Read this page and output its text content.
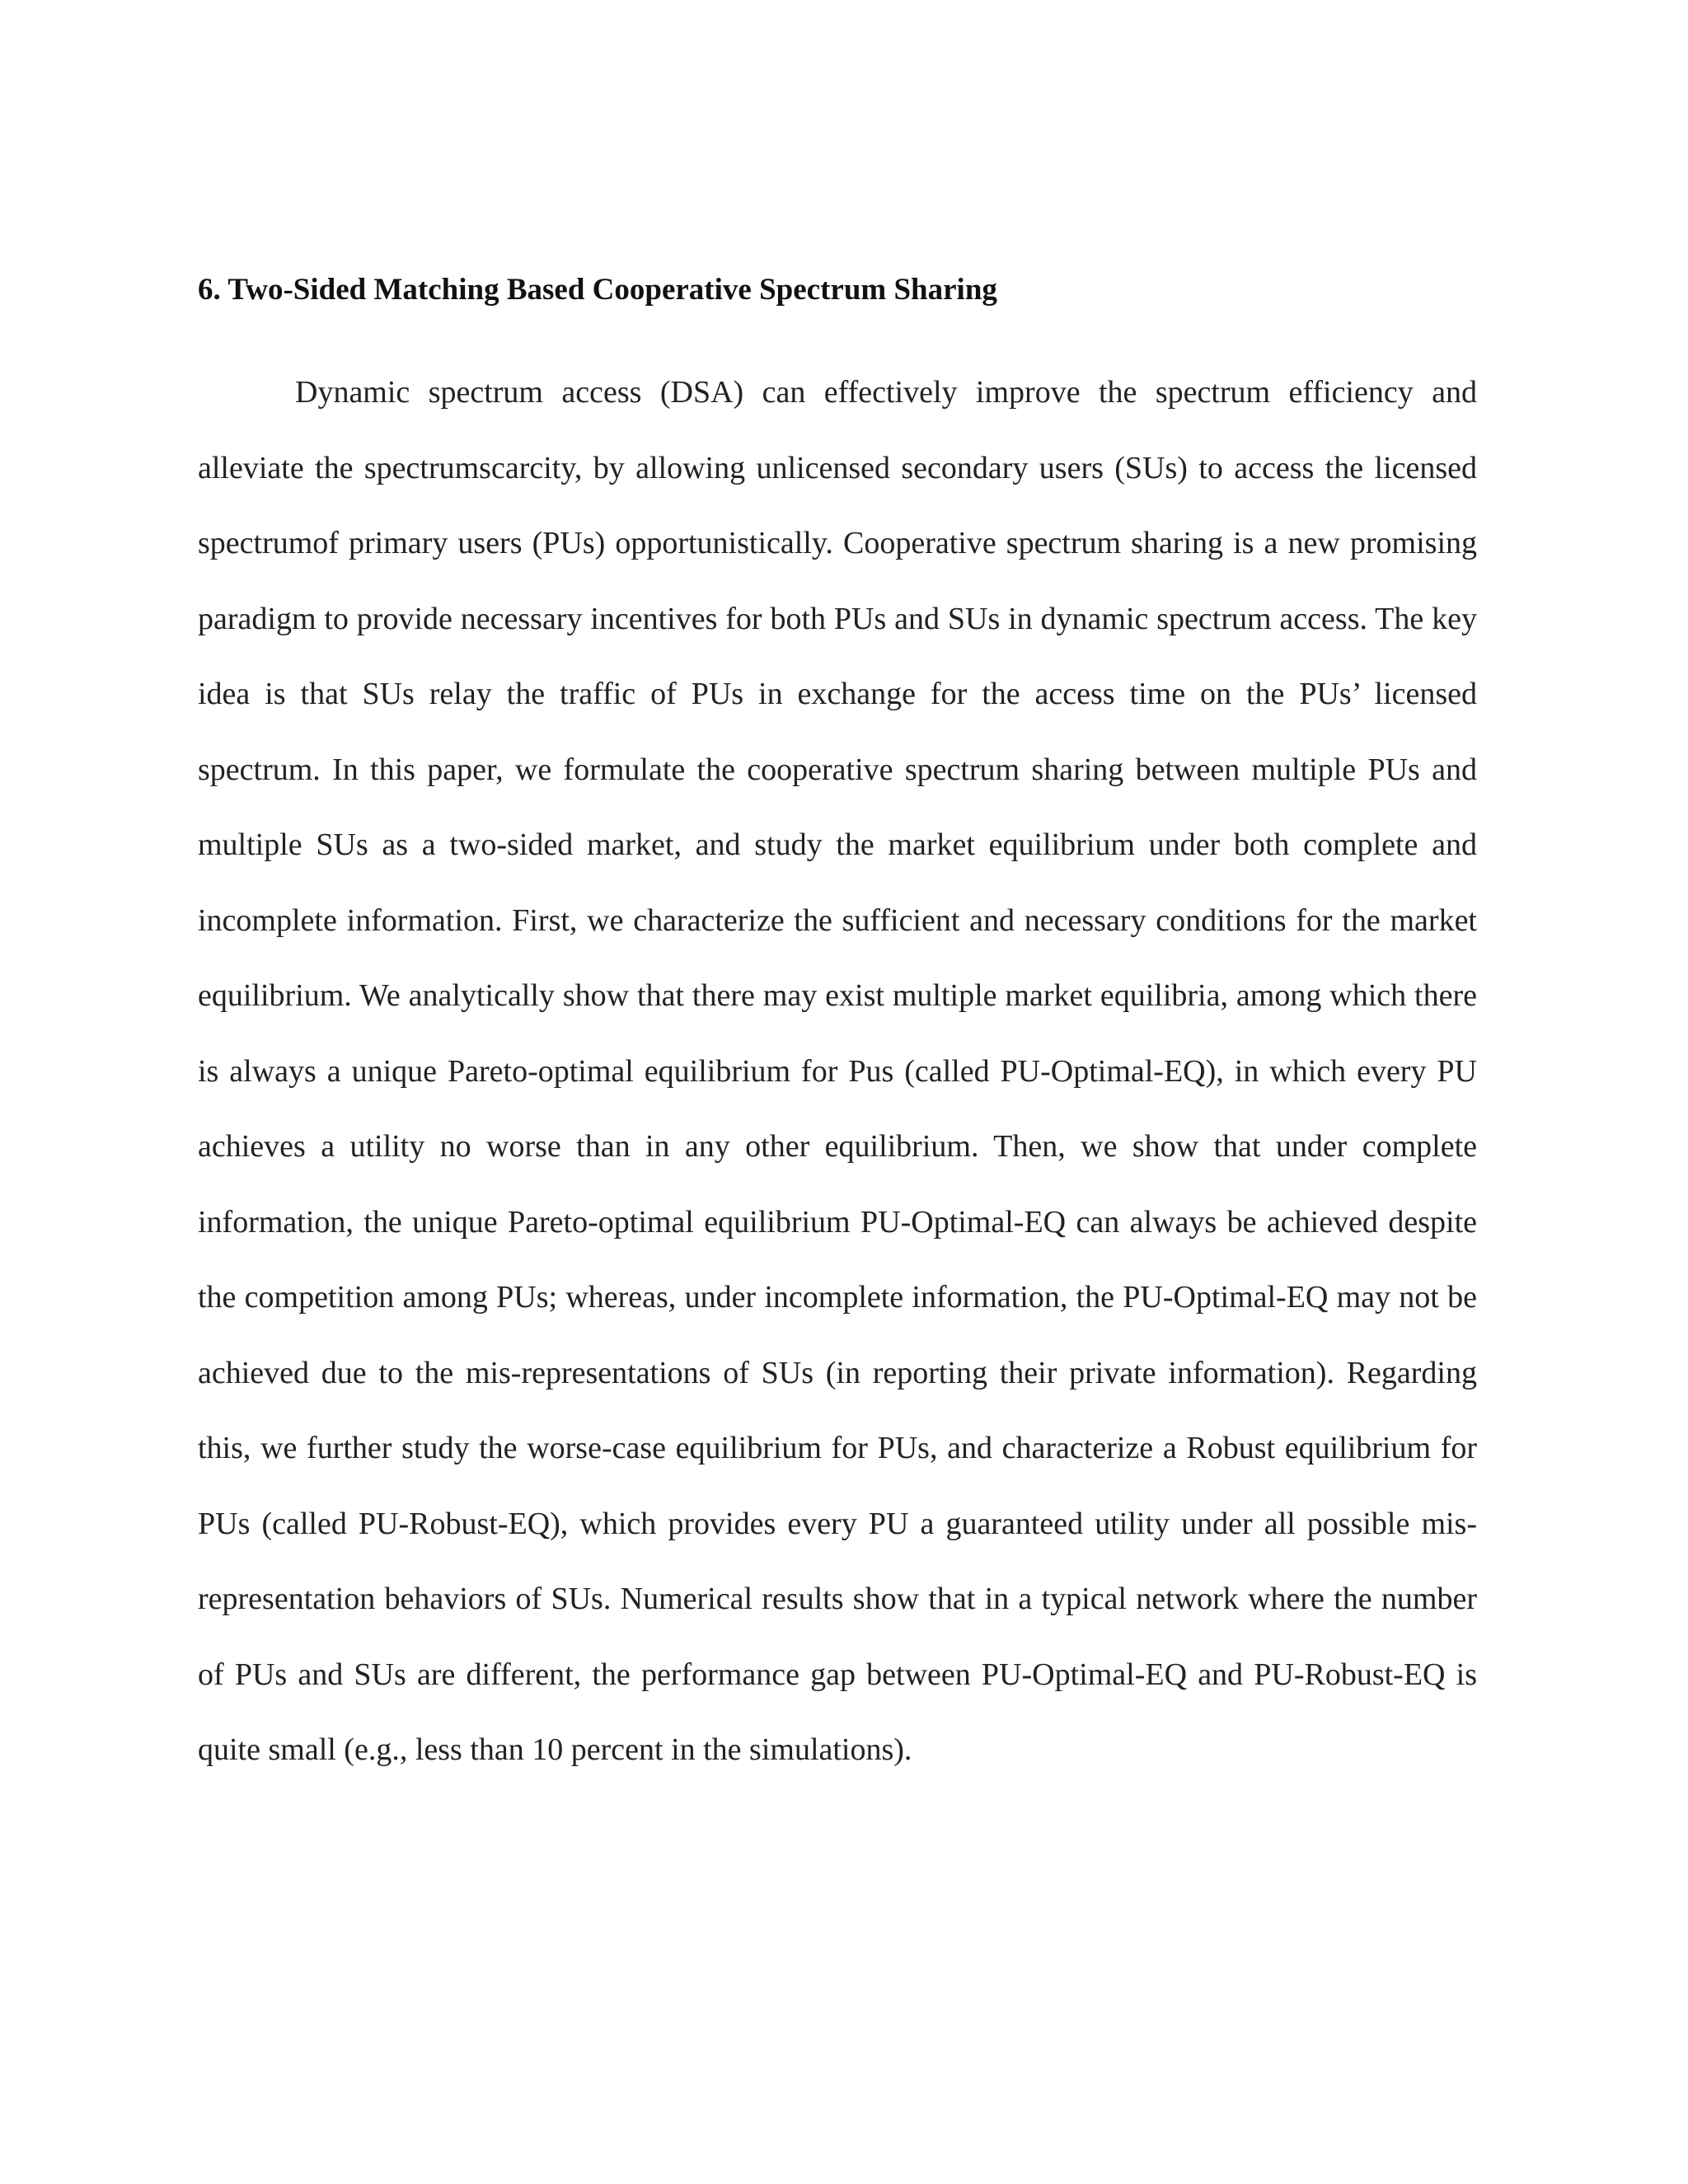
6. Two-Sided Matching Based Cooperative Spectrum Sharing

Dynamic spectrum access (DSA) can effectively improve the spectrum efficiency and alleviate the spectrumscarcity, by allowing unlicensed secondary users (SUs) to access the licensed spectrumof primary users (PUs) opportunistically. Cooperative spectrum sharing is a new promising paradigm to provide necessary incentives for both PUs and SUs in dynamic spectrum access. The key idea is that SUs relay the traffic of PUs in exchange for the access time on the PUs’ licensed spectrum. In this paper, we formulate the cooperative spectrum sharing between multiple PUs and multiple SUs as a two-sided market, and study the market equilibrium under both complete and incomplete information. First, we characterize the sufficient and necessary conditions for the market equilibrium. We analytically show that there may exist multiple market equilibria, among which there is always a unique Pareto-optimal equilibrium for Pus (called PU-Optimal-EQ), in which every PU achieves a utility no worse than in any other equilibrium. Then, we show that under complete information, the unique Pareto-optimal equilibrium PU-Optimal-EQ can always be achieved despite the competition among PUs; whereas, under incomplete information, the PU-Optimal-EQ may not be achieved due to the mis-representations of SUs (in reporting their private information). Regarding this, we further study the worse-case equilibrium for PUs, and characterize a Robust equilibrium for PUs (called PU-Robust-EQ), which provides every PU a guaranteed utility under all possible mis-representation behaviors of SUs. Numerical results show that in a typical network where the number of PUs and SUs are different, the performance gap between PU-Optimal-EQ and PU-Robust-EQ is quite small (e.g., less than 10 percent in the simulations).
